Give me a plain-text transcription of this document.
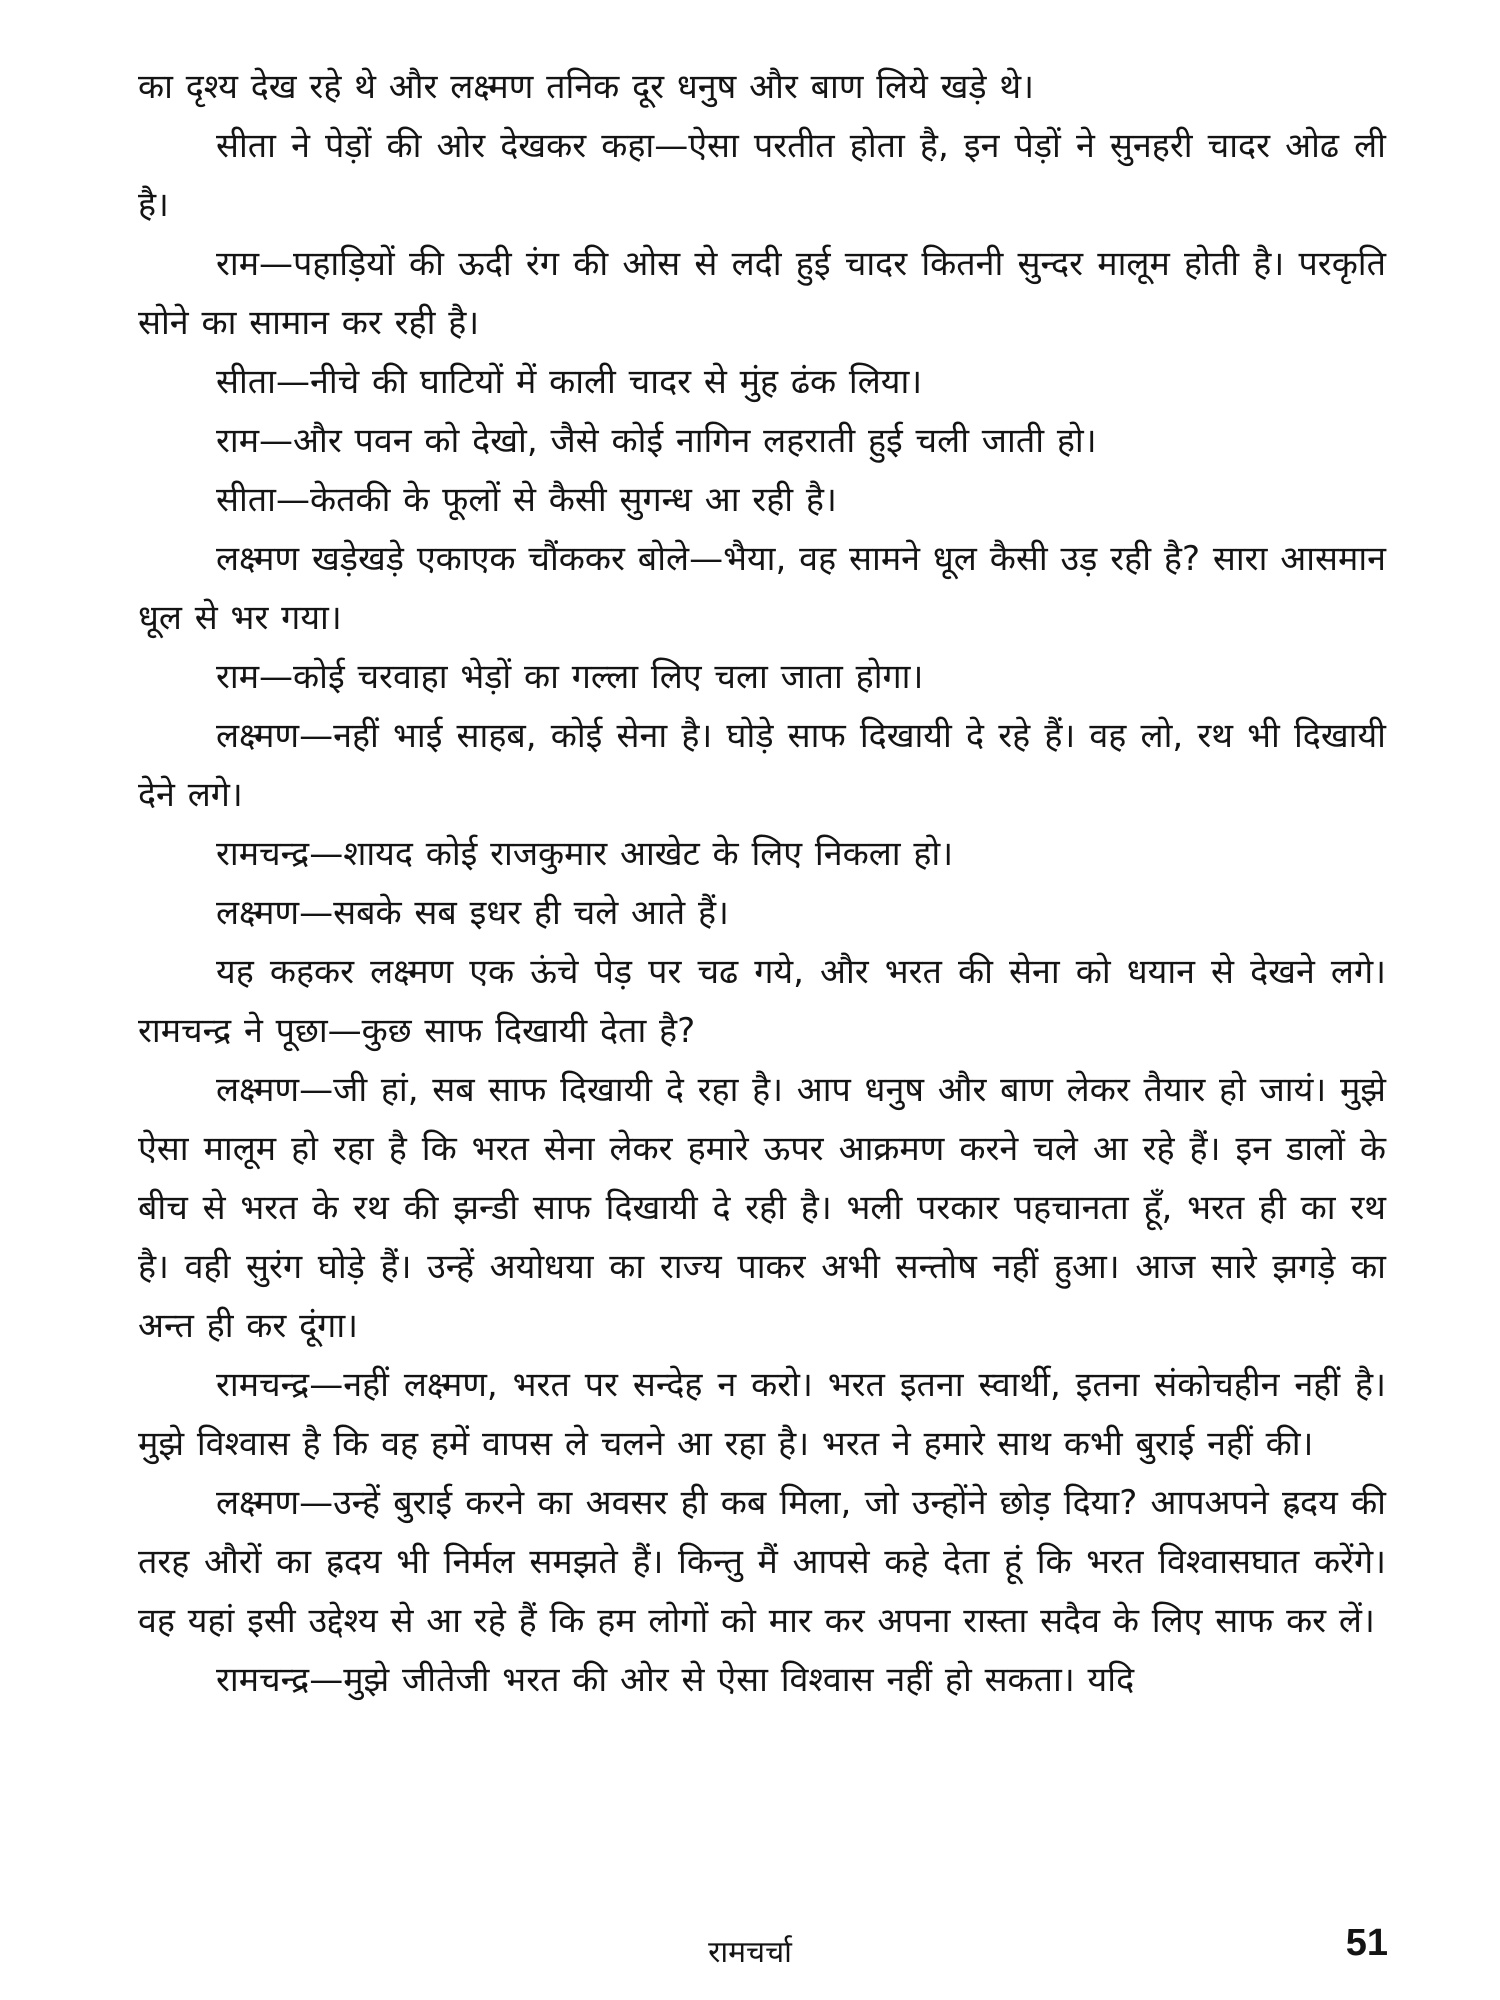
का दृश्य देख रहे थे और लक्ष्मण तनिक दूर धनुष और बाण लिये खड़े थे।

सीता ने पेड़ों की ओर देखकर कहा—ऐसा परतीत होता है, इन पेड़ों ने सुनहरी चादर ओढ ली है।

राम—पहाड़ियों की ऊदी रंग की ओस से लदी हुई चादर कितनी सुन्दर मालूम होती है। परकृति सोने का सामान कर रही है।

सीता—नीचे की घाटियों में काली चादर से मुंह ढंक लिया।

राम—और पवन को देखो, जैसे कोई नागिन लहराती हुई चली जाती हो।

सीता—केतकी के फूलों से कैसी सुगन्ध आ रही है।

लक्ष्मण खड़ेखड़े एकाएक चौंककर बोले—भैया, वह सामने धूल कैसी उड़ रही है? सारा आसमान धूल से भर गया।

राम—कोई चरवाहा भेड़ों का गल्ला लिए चला जाता होगा।

लक्ष्मण—नहीं भाई साहब, कोई सेना है। घोड़े साफ दिखायी दे रहे हैं। वह लो, रथ भी दिखायी देने लगे।

रामचन्द्र—शायद कोई राजकुमार आखेट के लिए निकला हो।

लक्ष्मण—सबके सब इधर ही चले आते हैं।

यह कहकर लक्ष्मण एक ऊंचे पेड़ पर चढ गये, और भरत की सेना को धयान से देखने लगे। रामचन्द्र ने पूछा—कुछ साफ दिखायी देता है?

लक्ष्मण—जी हां, सब साफ दिखायी दे रहा है। आप धनुष और बाण लेकर तैयार हो जायं। मुझे ऐसा मालूम हो रहा है कि भरत सेना लेकर हमारे ऊपर आक्रमण करने चले आ रहे हैं। इन डालों के बीच से भरत के रथ की झन्डी साफ दिखायी दे रही है। भली परकार पहचानता हूँ, भरत ही का रथ है। वही सुरंग घोड़े हैं। उन्हें अयोधया का राज्य पाकर अभी सन्तोष नहीं हुआ। आज सारे झगड़े का अन्त ही कर दूंगा।

रामचन्द्र—नहीं लक्ष्मण, भरत पर सन्देह न करो। भरत इतना स्वार्थी, इतना संकोचहीन नहीं है। मुझे विश्वास है कि वह हमें वापस ले चलने आ रहा है। भरत ने हमारे साथ कभी बुराई नहीं की।

लक्ष्मण—उन्हें बुराई करने का अवसर ही कब मिला, जो उन्होंने छोड़ दिया? आपअपने ह्रदय की तरह औरों का ह्रदय भी निर्मल समझते हैं। किन्तु मैं आपसे कहे देता हूं कि भरत विश्वासघात करेंगे। वह यहां इसी उद्देश्य से आ रहे हैं कि हम लोगों को मार कर अपना रास्ता सदैव के लिए साफ कर लें।

रामचन्द्र—मुझे जीतेजी भरत की ओर से ऐसा विश्वास नहीं हो सकता। यदि

रामचर्चा	51
